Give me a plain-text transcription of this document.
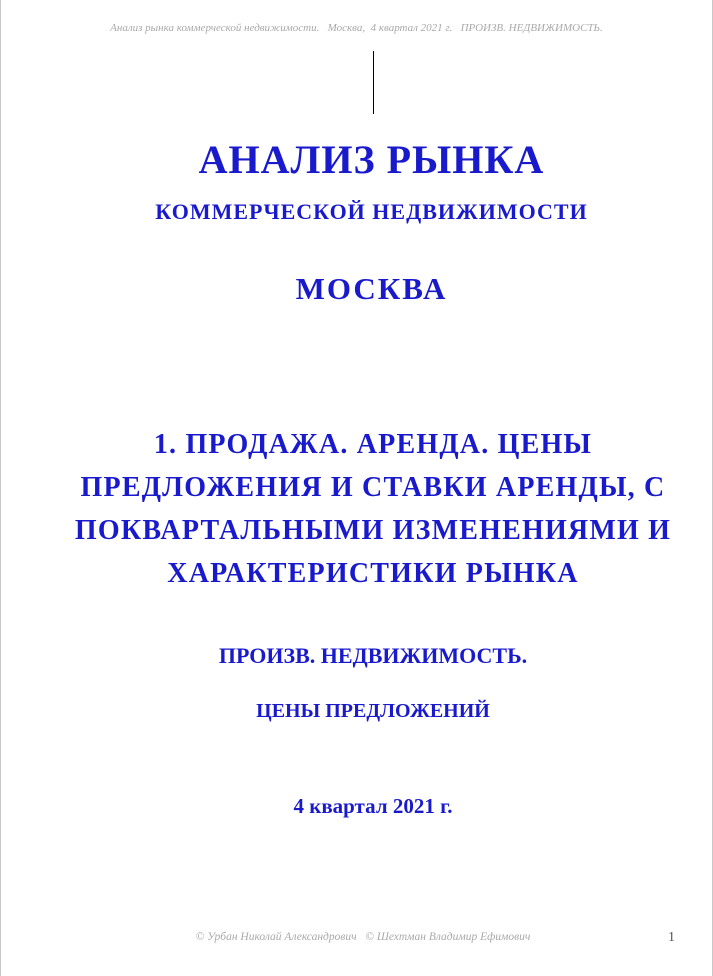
Анализ рынка коммерческой недвижимости.   Москва,  4 квартал 2021 г.   ПРОИЗВ. НЕДВИЖИМОСТЬ.
АНАЛИЗ РЫНКА
КОММЕРЧЕСКОЙ НЕДВИЖИМОСТИ
МОСКВА
1. ПРОДАЖА. АРЕНДА. ЦЕНЫ ПРЕДЛОЖЕНИЯ И СТАВКИ АРЕНДЫ, С ПОКВАРТАЛЬНЫМИ ИЗМЕНЕНИЯМИ И ХАРАКТЕРИСТИКИ РЫНКА
ПРОИЗВ. НЕДВИЖИМОСТЬ.
ЦЕНЫ ПРЕДЛОЖЕНИЙ
4 квартал 2021 г.
© Урбан Николай Александрович   © Шехтман Владимир Ефимович	1
